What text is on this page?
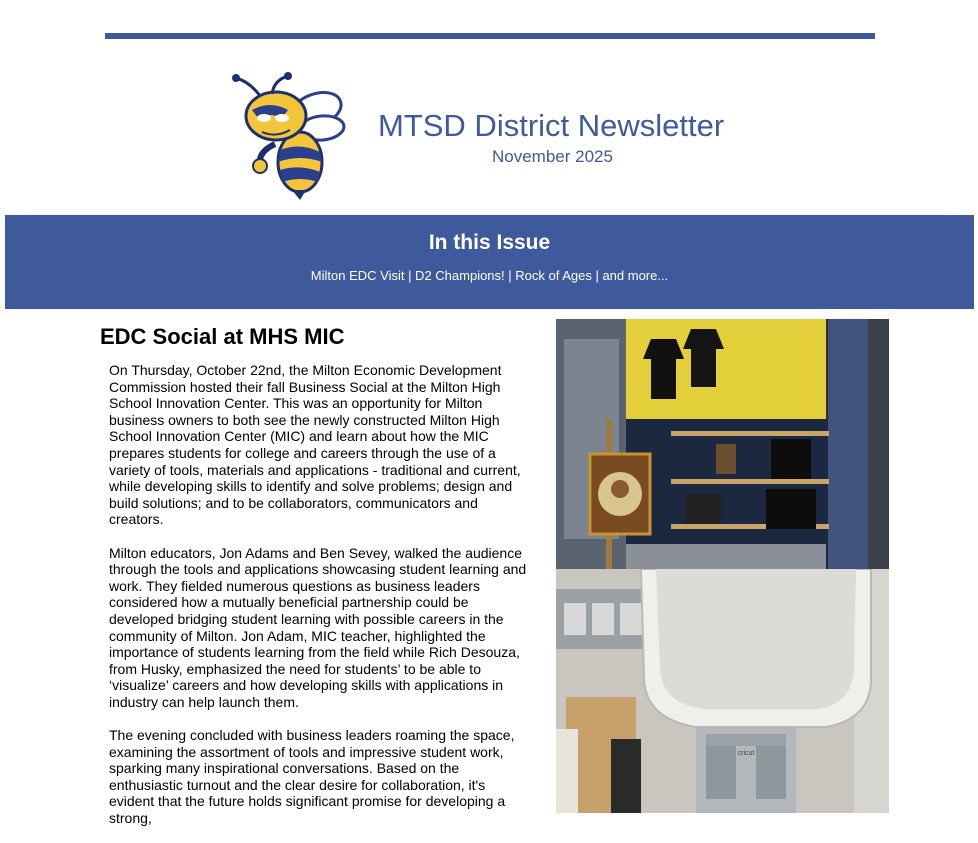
MTSD District Newsletter
November 2025
In this Issue
Milton EDC Visit | D2 Champions! | Rock of Ages | and more...
EDC Social at MHS MIC

On Thursday, October 22nd, the Milton Economic Development Commission hosted their fall Business Social at the Milton High School Innovation Center. This was an opportunity for Milton business owners to both see the newly constructed Milton High School Innovation Center (MIC) and learn about how the MIC prepares students for college and careers through the use of a variety of tools, materials and applications - traditional and current, while developing skills to identify and solve problems; design and build solutions; and to be collaborators, communicators and creators.

Milton educators, Jon Adams and Ben Sevey, walked the audience through the tools and applications showcasing student learning and work. They fielded numerous questions as business leaders considered how a mutually beneficial partnership could be developed bridging student learning with possible careers in the community of Milton. Jon Adam, MIC teacher, highlighted the importance of students learning from the field while Rich Desouza, from Husky, emphasized the need for students’ to be able to ‘visualize’ careers and how developing skills with applications in industry can help launch them.

The evening concluded with business leaders roaming the space, examining the assortment of tools and impressive student work, sparking many inspirational conversations. Based on the enthusiastic turnout and the clear desire for collaboration, it's evident that the future holds significant promise for developing a strong,

cricut
